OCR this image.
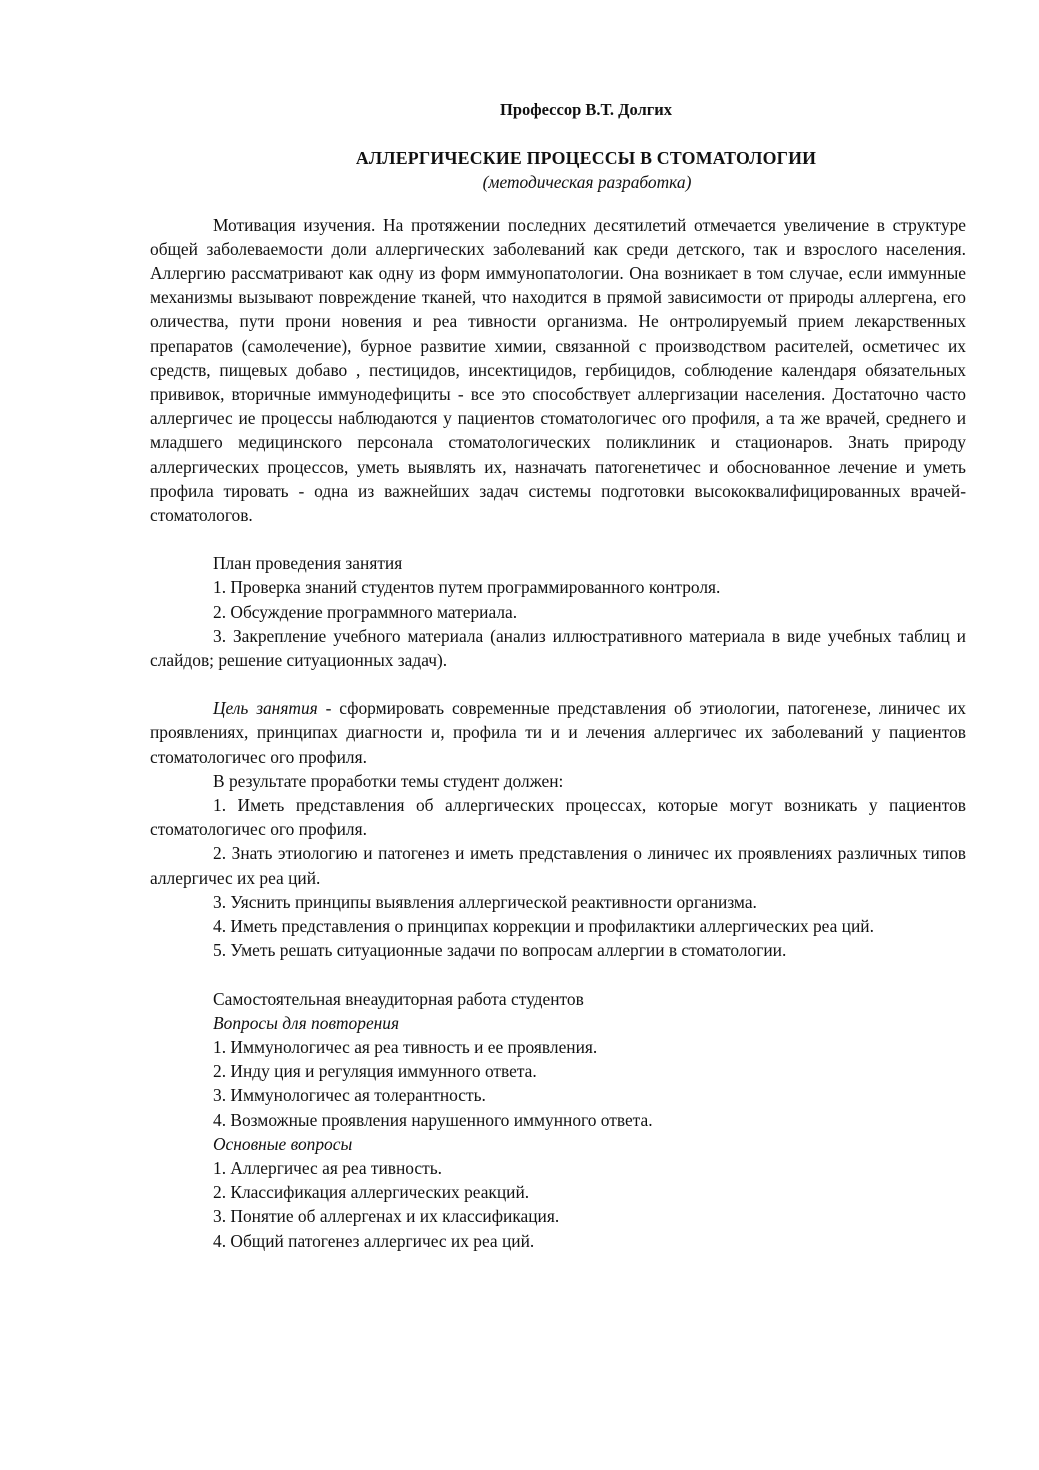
Профессор В.Т. Долгих
АЛЛЕРГИЧЕСКИЕ ПРОЦЕССЫ В СТОМАТОЛОГИИ
(методическая разработка)

Мотивация изучения. На протяжении последних десятилетий отмечается увеличение в структуре общей заболеваемости доли аллергических заболеваний как среди детского, так и взрослого населения. Аллергию рассматривают как одну из форм иммунопатологии. Она возникает в том случае, если иммунные механизмы вызывают повреждение тканей, что находится в прямой зависимости от природы аллергена, его оличества, пути прони новения и реа тивности организма. Не онтролируемый прием лекарственных препаратов (самолечение), бурное развитие химии, связанной с производством расителей, осметичес их средств, пищевых добаво , пестицидов, инсектицидов, гербицидов, соблюдение календаря обязательных прививок, вторичные иммунодефициты - все это способствует аллергизации населения. Достаточно часто аллергичес ие процессы наблюдаются у пациентов стоматологичес ого профиля, а та же врачей, среднего и младшего медицинского персонала стоматологических поликлиник и стационаров. Знать природу аллергических процессов, уметь выявлять их, назначать патогенетичес и обоснованное лечение и уметь профила тировать - одна из важнейших задач системы подготовки высококвалифицированных врачей-стоматологов.

План проведения занятия

1. Проверка знаний студентов путем программированного контроля.

2. Обсуждение программного материала.

3. Закрепление учебного материала (анализ иллюстративного материала в виде учебных таблиц и слайдов; решение ситуационных задач).

Цель занятия - сформировать современные представления об этиологии, патогенезе, линичес их проявлениях, принципах диагности и, профила ти и и лечения аллергичес их заболеваний у пациентов стоматологичес ого профиля.

В результате проработки темы студент должен:

1. Иметь представления об аллергических процессах, которые могут возникать у пациентов стоматологичес ого профиля.

2. Знать этиологию и патогенез и иметь представления о линичес их проявлениях различных типов аллергичес их реа ций.

3. Уяснить принципы выявления аллергической реактивности организма.

4. Иметь представления о принципах коррекции и профилактики аллергических реа ций.

5. Уметь решать ситуационные задачи по вопросам аллергии в стоматологии.

Самостоятельная внеаудиторная работа студентов
Вопросы для повторения
1. Иммунологичес ая реа тивность и ее проявления.
2. Инду ция и регуляция иммунного ответа.
3. Иммунологичес ая толерантность.
4. Возможные проявления нарушенного иммунного ответа.
Основные вопросы
1. Аллергичес ая реа тивность.
2. Классификация аллергических реакций.
3. Понятие об аллергенах и их классификация.
4. Общий патогенез аллергичес их реа ций.
